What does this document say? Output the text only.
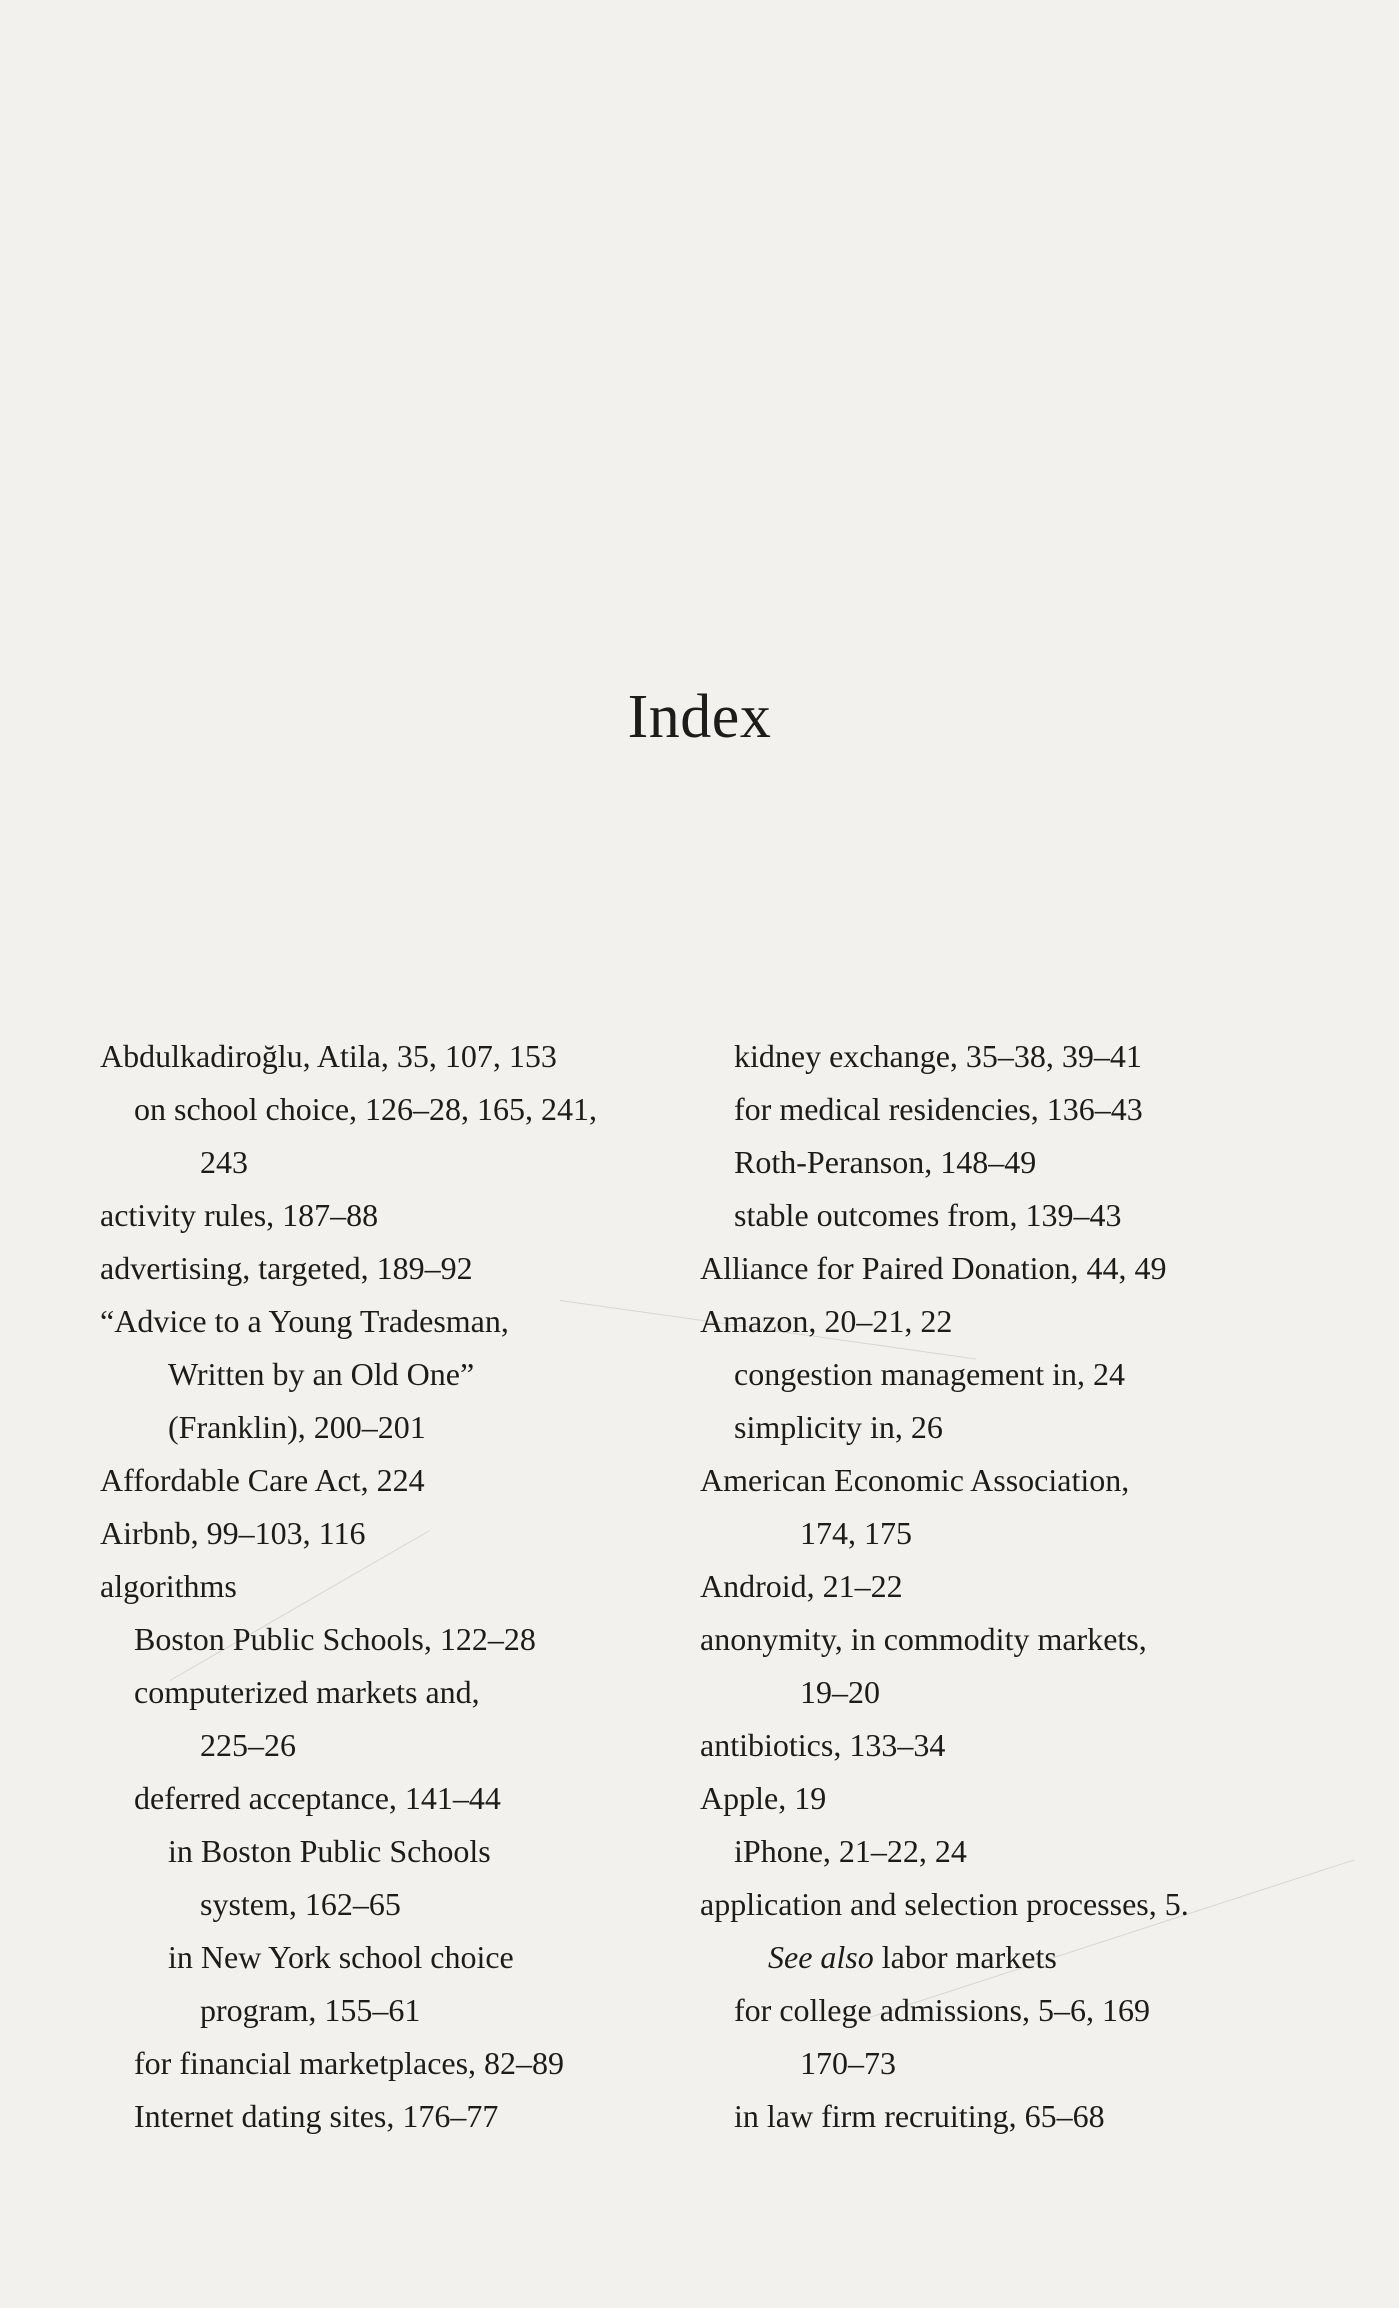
Index
Abdulkadiroğlu, Atila, 35, 107, 153
on school choice, 126–28, 165, 241,
243
activity rules, 187–88
advertising, targeted, 189–92
“Advice to a Young Tradesman,
Written by an Old One”
(Franklin), 200–201
Affordable Care Act, 224
Airbnb, 99–103, 116
algorithms
Boston Public Schools, 122–28
computerized markets and,
225–26
deferred acceptance, 141–44
in Boston Public Schools
system, 162–65
in New York school choice
program, 155–61
for financial marketplaces, 82–89
Internet dating sites, 176–77
kidney exchange, 35–38, 39–41
for medical residencies, 136–43
Roth-Peranson, 148–49
stable outcomes from, 139–43
Alliance for Paired Donation, 44, 49
Amazon, 20–21, 22
congestion management in, 24
simplicity in, 26
American Economic Association,
174, 175
Android, 21–22
anonymity, in commodity markets,
19–20
antibiotics, 133–34
Apple, 19
iPhone, 21–22, 24
application and selection processes, 5.
See also labor markets
for college admissions, 5–6, 169
170–73
in law firm recruiting, 65–68
